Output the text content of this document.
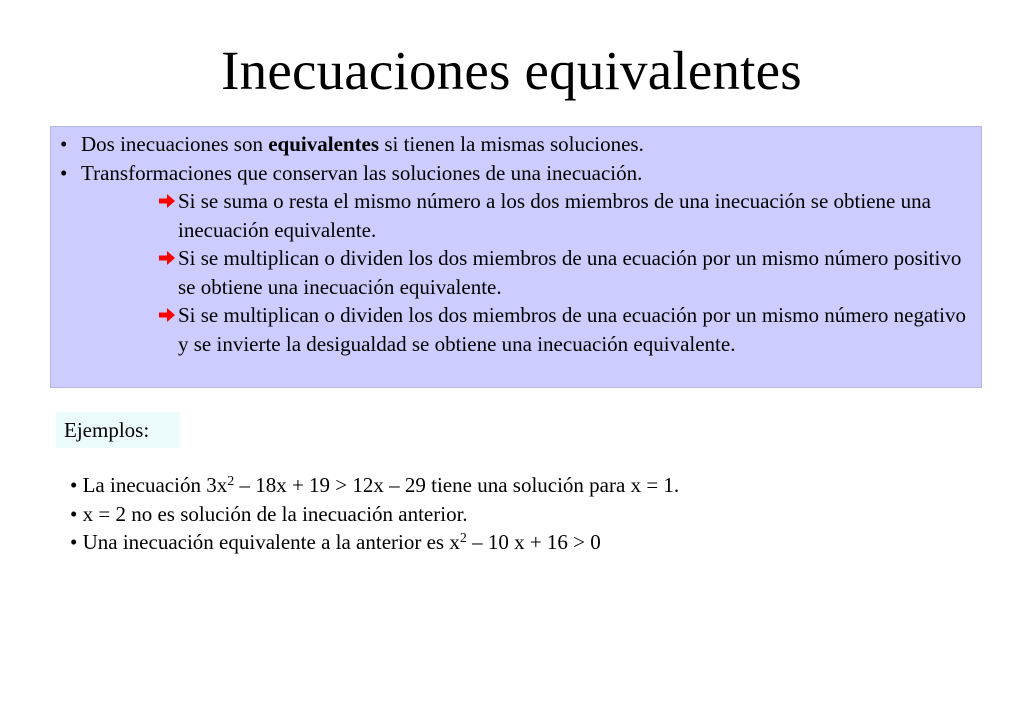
Inecuaciones equivalentes
• Dos inecuaciones son equivalentes si tienen la mismas soluciones.
• Transformaciones que conservan las soluciones de una inecuación.
Si se suma o resta el mismo número a los dos miembros de una inecuación se obtiene una inecuación equivalente.
Si se multiplican o dividen los dos miembros de una ecuación por un mismo número positivo se obtiene una inecuación equivalente.
Si se multiplican o dividen los dos miembros de una ecuación por un mismo número negativo y se invierte la desigualdad se obtiene una inecuación equivalente.
Ejemplos:
• La inecuación $3x^2 - 18x + 19 > 12x - 29$ tiene una solución para x = 1.
• x = 2 no es solución de la inecuación anterior.
• Una inecuación equivalente a la anterior es $x^2 - 10$ x + 16 > 0
